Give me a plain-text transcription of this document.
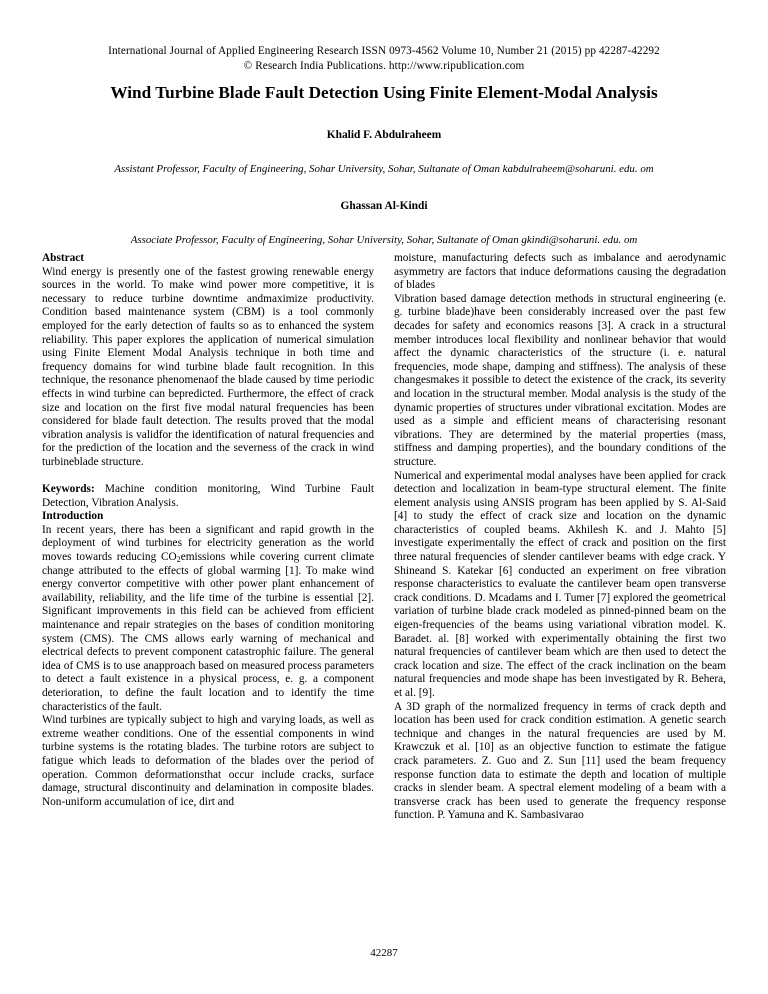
International Journal of Applied Engineering Research ISSN 0973-4562 Volume 10, Number 21 (2015) pp 42287-42292
© Research India Publications. http://www.ripublication.com
Wind Turbine Blade Fault Detection Using Finite Element-Modal Analysis
Khalid F. Abdulraheem
Assistant Professor, Faculty of Engineering, Sohar University, Sohar, Sultanate of Oman kabdulraheem@soharuni. edu. om
Ghassan Al-Kindi
Associate Professor, Faculty of Engineering, Sohar University, Sohar, Sultanate of Oman gkindi@soharuni. edu. om
Abstract

Wind energy is presently one of the fastest growing renewable energy sources in the world. To make wind power more competitive, it is necessary to reduce turbine downtime andmaximize productivity. Condition based maintenance system (CBM) is a tool commonly employed for the early detection of faults so as to enhanced the system reliability. This paper explores the application of numerical simulation using Finite Element Modal Analysis technique in both time and frequency domains for wind turbine blade fault recognition. In this technique, the resonance phenomenaof the blade caused by time periodic effects in wind turbine can bepredicted. Furthermore, the effect of crack size and location on the first five modal natural frequencies has been considered for blade fault detection. The results proved that the modal vibration analysis is validfor the identification of natural frequencies and for the prediction of the location and the severness of the crack in wind turbineblade structure.

Keywords: Machine condition monitoring, Wind Turbine Fault Detection, Vibration Analysis.

Introduction

In recent years, there has been a significant and rapid growth in the deployment of wind turbines for electricity generation as the world moves towards reducing $CO_2emissions$ while covering current climate change attributed to the effects of global warming [1]. To make wind energy convertor competitive with other power plant enhancement of availability, reliability, and the life time of the turbine is essential [2]. Significant improvements in this field can be achieved from efficient maintenance and repair strategies on the bases of condition monitoring system (CMS). The CMS allows early warning of mechanical and electrical defects to prevent component catastrophic failure. The general idea of CMS is to use anapproach based on measured process parameters to detect a fault existence in a physical process, e. g. a component deterioration, to define the fault location and to identify the time characteristics of the fault.

Wind turbines are typically subject to high and varying loads, as well as extreme weather conditions. One of the essential components in wind turbine systems is the rotating blades. The turbine rotors are subject to fatigue which leads to deformation of the blades over the period of operation. Common deformationsthat occur include cracks, surface damage, structural discontinuity and delamination in composite blades. Non-uniform accumulation of ice, dirt and

moisture, manufacturing defects such as imbalance and aerodynamic asymmetry are factors that induce deformations causing the degradation of blades

Vibration based damage detection methods in structural engineering (e. g. turbine blade)have been considerably increased over the past few decades for safety and economics reasons [3]. A crack in a structural member introduces local flexibility and nonlinear behavior that would affect the dynamic characteristics of the structure (i. e. natural frequencies, mode shape, damping and stiffness). The analysis of these changesmakes it possible to detect the existence of the crack, its severity and location in the structural member. Modal analysis is the study of the dynamic properties of structures under vibrational excitation. Modes are used as a simple and efficient means of characterising resonant vibrations. They are determined by the material properties (mass, stiffness and damping properties), and the boundary conditions of the structure.

Numerical and experimental modal analyses have been applied for crack detection and localization in beam-type structural element. The finite element analysis using ANSIS program has been applied by S. Al-Said [4] to study the effect of crack size and location on the dynamic characteristics of coupled beams. Akhilesh K. and J. Mahto [5] investigate experimentally the effect of crack and position on the first three natural frequencies of slender cantilever beams with edge crack. Y Shineand S. Katekar [6] conducted an experiment on free vibration response characteristics to evaluate the cantilever beam open transverse crack conditions. D. Mcadams and I. Tumer [7] explored the geometrical variation of turbine blade crack modeled as pinned-pinned beam on the eigen-frequencies of the beams using variational vibration model. K. Baradet. al. [8] worked with experimentally obtaining the first two natural frequencies of cantilever beam which are then used to detect the crack location and size. The effect of the crack inclination on the beam natural frequencies and mode shape has been investigated by R. Behera, et al. [9].

A 3D graph of the normalized frequency in terms of crack depth and location has been used for crack condition estimation. A genetic search technique and changes in the natural frequencies are used by M. Krawczuk et al. [10] as an objective function to estimate the fatigue crack parameters. Z. Guo and Z. Sun [11] used the beam frequency response function data to estimate the depth and location of multiple cracks in slender beam. A spectral element modeling of a beam with a transverse crack has been used to generate the frequency response function. P. Yamuna and K. Sambasivarao

42287
